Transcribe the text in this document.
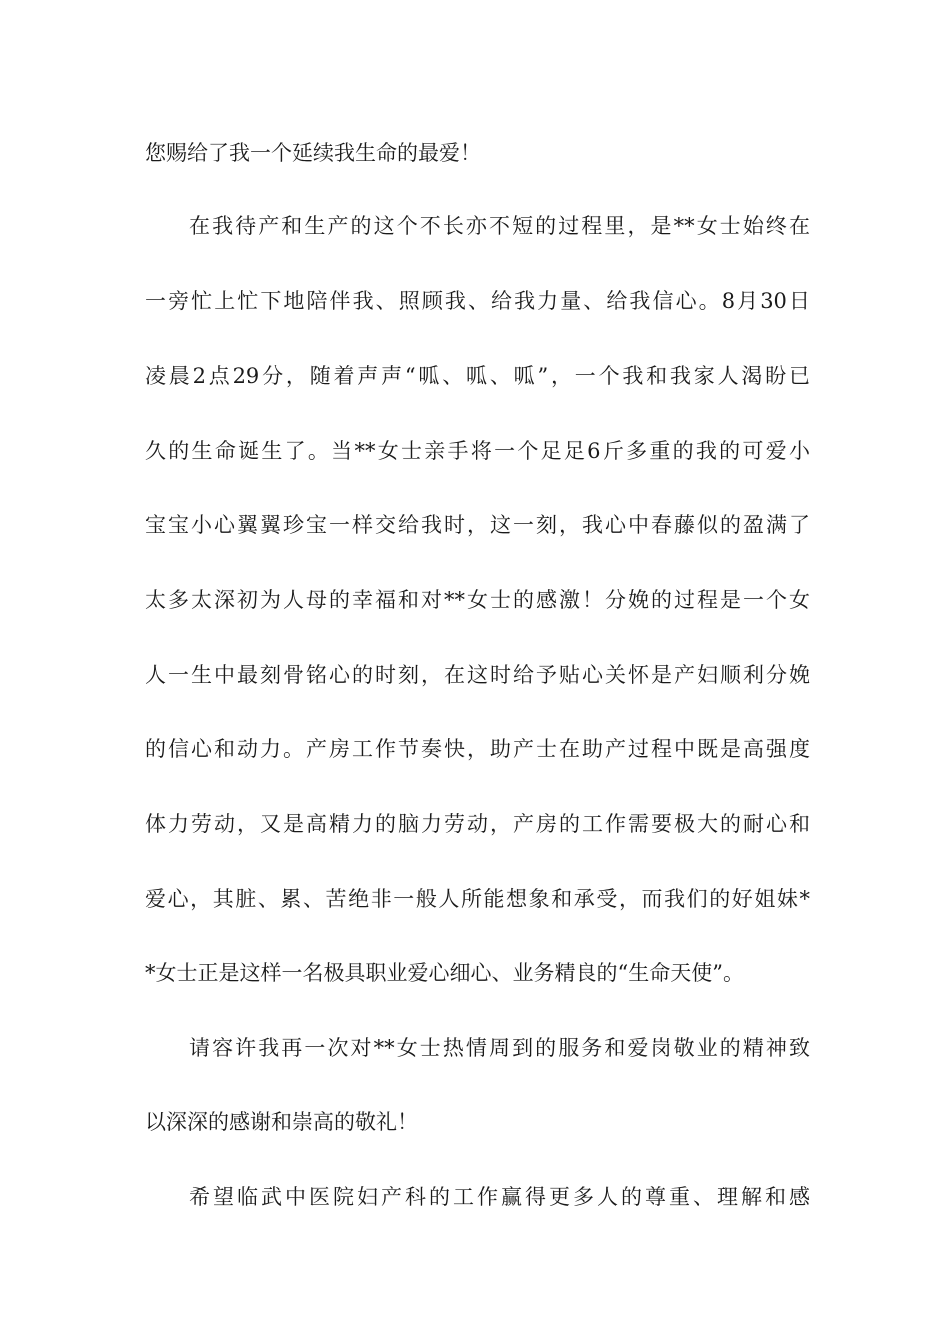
您赐给了我一个延续我生命的最爱！
在我待产和生产的这个不长亦不短的过程里，是**女士始终在
一旁忙上忙下地陪伴我、照顾我、给我力量、给我信心。8月30日
凌晨2点29分，随着声声“呱、呱、呱”，一个我和我家人渴盼已
久的生命诞生了。当**女士亲手将一个足足6斤多重的我的可爱小
宝宝小心翼翼珍宝一样交给我时，这一刻，我心中春藤似的盈满了
太多太深初为人母的幸福和对**女士的感激！分娩的过程是一个女
人一生中最刻骨铭心的时刻，在这时给予贴心关怀是产妇顺利分娩
的信心和动力。产房工作节奏快，助产士在助产过程中既是高强度
体力劳动，又是高精力的脑力劳动，产房的工作需要极大的耐心和
爱心，其脏、累、苦绝非一般人所能想象和承受，而我们的好姐妹*
*女士正是这样一名极具职业爱心细心、业务精良的“生命天使”。
请容许我再一次对**女士热情周到的服务和爱岗敬业的精神致
以深深的感谢和崇高的敬礼！
希望临武中医院妇产科的工作赢得更多人的尊重、理解和感
